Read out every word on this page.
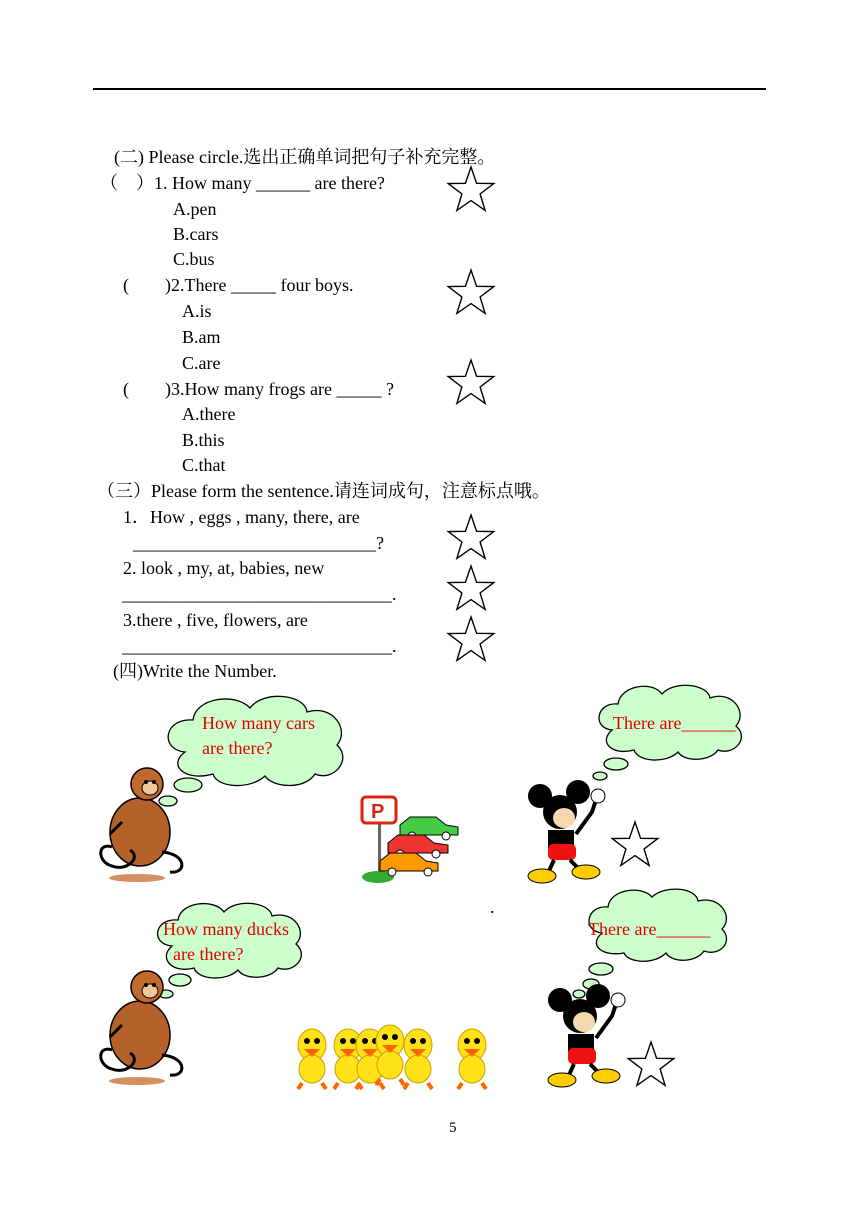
(二) Please circle.选出正确单词把句子补充完整。
（　）1. How many ______ are there?
A.pen
B.cars
C.bus
(　　)2.There _____ four boys.
A.is
B.am
C.are
(　　)3.How many frogs are _____ ?
A.there
B.this
C.that
（三）Please form the sentence.请连词成句，注意标点哦。
1．How , eggs , many, there, are
___________________________?
2. look , my, at, babies, new
______________________________.
3.there , five, flowers, are
______________________________.
(四)Write the Number.
How many cars
are there?
There are______
P
.
How many ducks
are there?
There are______
5
